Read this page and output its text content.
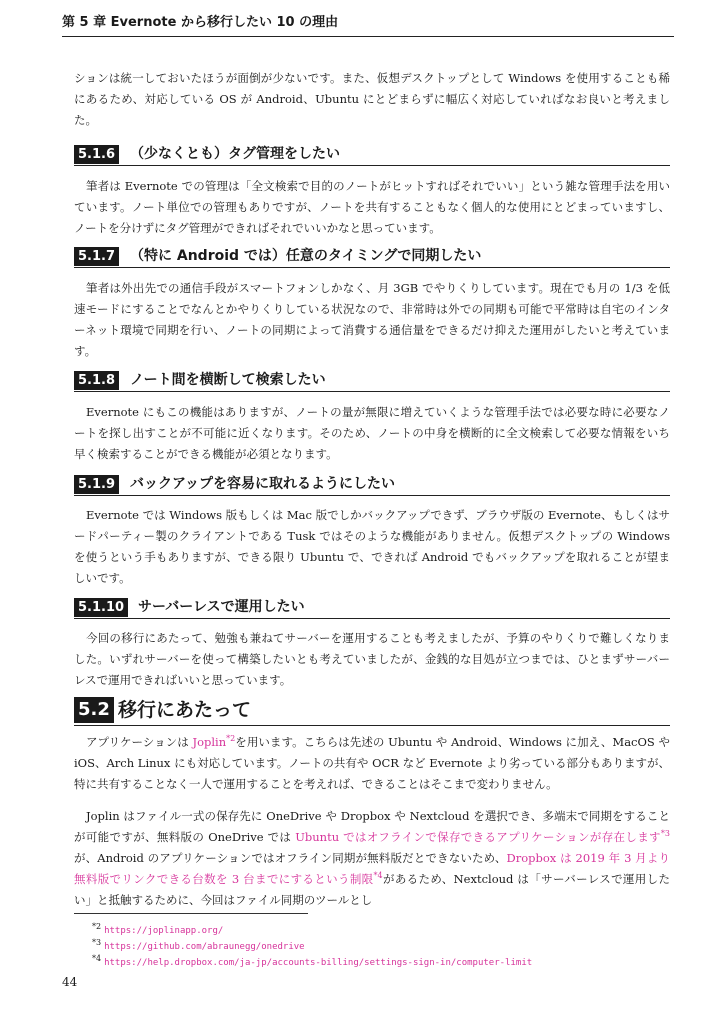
第 5 章 Evernote から移行したい 10 の理由

ションは統一しておいたほうが面倒が少ないです。また、仮想デスクトップとして Windows を使用することも稀にあるため、対応している OS が Android、Ubuntu にとどまらずに幅広く対応していればなお良いと考えました。

5.1.6 （少なくとも）タグ管理をしたい

筆者は Evernote での管理は「全文検索で目的のノートがヒットすればそれでいい」という雑な管理手法を用いています。ノート単位での管理もありですが、ノートを共有することもなく個人的な使用にとどまっていますし、ノートを分けずにタグ管理ができればそれでいいかなと思っています。

5.1.7 （特に Android では）任意のタイミングで同期したい

筆者は外出先での通信手段がスマートフォンしかなく、月 3GB でやりくりしています。現在でも月の 1/3 を低速モードにすることでなんとかやりくりしている状況なので、非常時は外での同期も可能で平常時は自宅のインターネット環境で同期を行い、ノートの同期によって消費する通信量をできるだけ抑えた運用がしたいと考えています。

5.1.8 ノート間を横断して検索したい

Evernote にもこの機能はありますが、ノートの量が無限に増えていくような管理手法では必要な時に必要なノートを探し出すことが不可能に近くなります。そのため、ノートの中身を横断的に全文検索して必要な情報をいち早く検索することができる機能が必須となります。

5.1.9 バックアップを容易に取れるようにしたい

Evernote では Windows 版もしくは Mac 版でしかバックアップできず、ブラウザ版の Evernote、もしくはサードパーティー製のクライアントである Tusk ではそのような機能がありません。仮想デスクトップの Windows を使うという手もありますが、できる限り Ubuntu で、できれば Android でもバックアップを取れることが望ましいです。

5.1.10 サーバーレスで運用したい

今回の移行にあたって、勉強も兼ねてサーバーを運用することも考えましたが、予算のやりくりで難しくなりました。いずれサーバーを使って構築したいとも考えていましたが、金銭的な目処が立つまでは、ひとまずサーバーレスで運用できればいいと思っています。

5.2 移行にあたって

アプリケーションは Joplin$^{*2}$を用います。こちらは先述の Ubuntu や Android、Windows に加え、MacOS や iOS、Arch Linux にも対応しています。ノートの共有や OCR など Evernote より劣っている部分もありますが、特に共有することなく一人で運用することを考えれば、できることはそこまで変わりません。

Joplin はファイル一式の保存先に OneDrive や Dropbox や Nextcloud を選択でき、多端末で同期をすることが可能ですが、無料版の OneDrive では Ubuntu ではオフラインで保存できるアプリケーションが存在します$^{*3}$が、Android のアプリケーションではオフライン同期が無料版だとできないため、Dropbox は 2019 年 3 月より無料版でリンクできる台数を 3 台までにするという制限$^{*4}$があるため、Nextcloud は「サーバーレスで運用したい」と抵触するために、今回はファイル同期のツールとし

*2 https://joplinapp.org/
*3 https://github.com/abraunegg/onedrive
*4 https://help.dropbox.com/ja-jp/accounts-billing/settings-sign-in/computer-limit
44
